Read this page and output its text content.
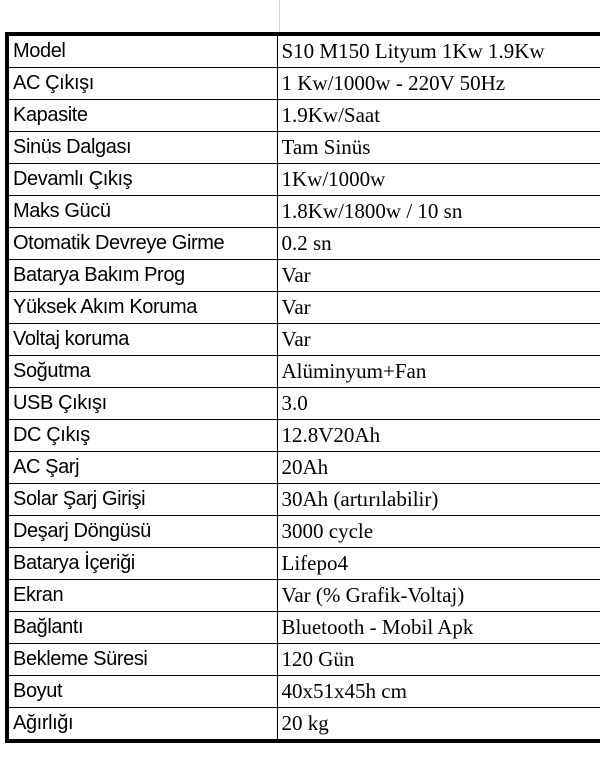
Model	S10 M150 Lityum 1Kw 1.9Kw
AC Çıkışı	1 Kw/1000w - 220V 50Hz
Kapasite	1.9Kw/Saat
Sinüs Dalgası	Tam Sinüs
Devamlı Çıkış	1Kw/1000w
Maks Gücü	1.8Kw/1800w / 10 sn
Otomatik Devreye Girme	0.2 sn
Batarya Bakım Prog	Var
Yüksek Akım Koruma	Var
Voltaj koruma	Var
Soğutma	Alüminyum+Fan
USB Çıkışı	3.0
DC Çıkış	12.8V20Ah
AC Şarj	20Ah
Solar Şarj Girişi	30Ah (artırılabilir)
Deşarj Döngüsü	3000 cycle
Batarya İçeriği	Lifepo4
Ekran	Var (% Grafik-Voltaj)
Bağlantı	Bluetooth - Mobil Apk
Bekleme Süresi	120 Gün
Boyut	40x51x45h cm
Ağırlığı	20 kg
